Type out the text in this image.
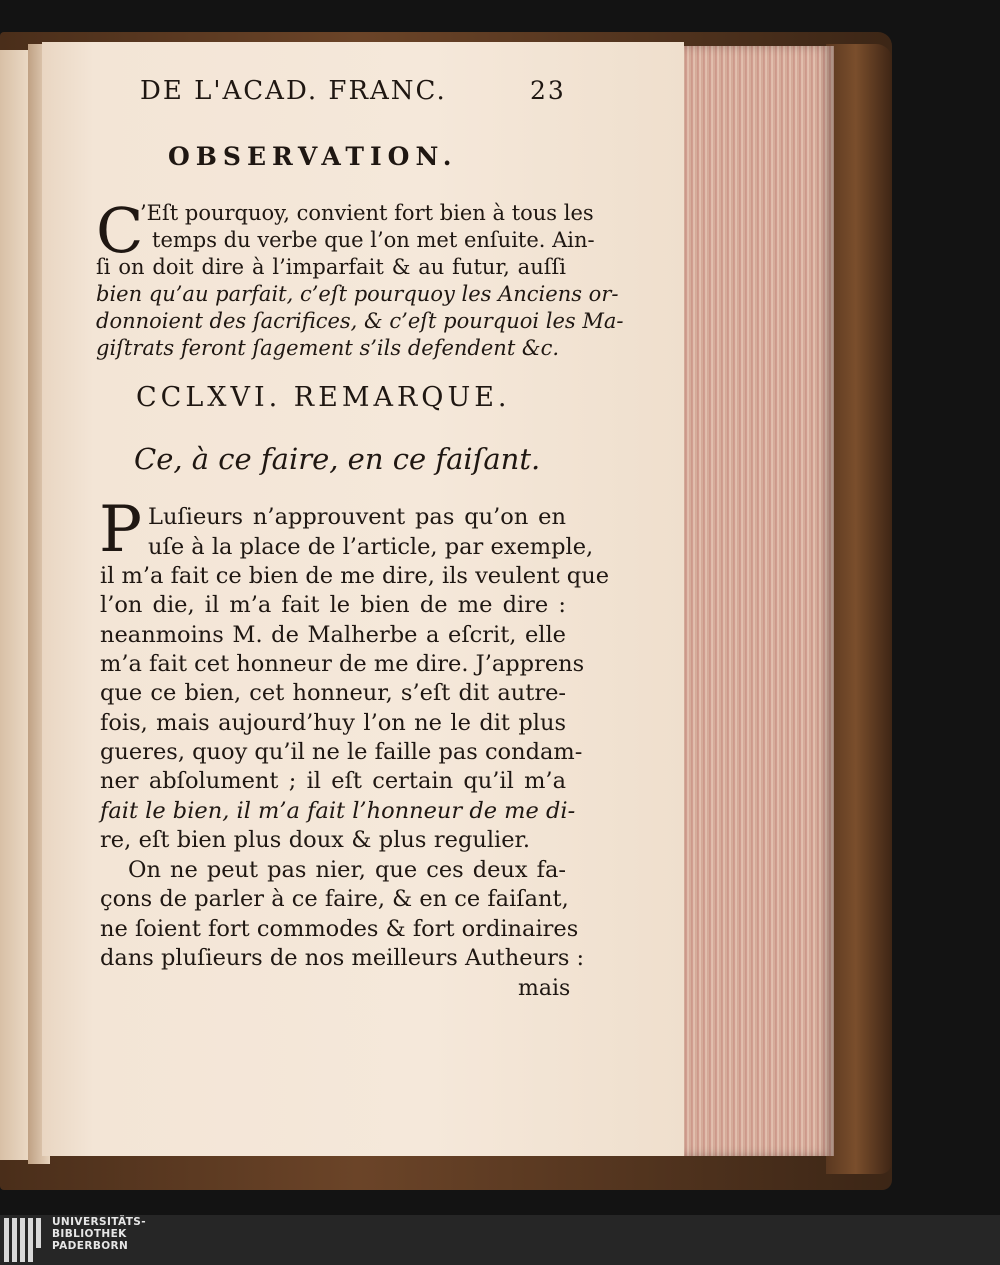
DE L'ACAD. FRANC.	23
OBSERVATION.
C
’Eſt pourquoy, convient fort bien à tous les
temps du verbe que l’on met enſuite. Ain-
ſi on doit dire à l’imparfait & au futur, auſſi
bien qu’au parfait, c’eſt pourquoy les Anciens or-
donnoient des ſacrifices, & c’eſt pourquoi les Ma-
giſtrats feront ſagement s’ils defendent &c.
CCLXVI. REMARQUE.
Ce, à ce faire, en ce faiſant.
P Luſieurs n’approuvent pas qu’on en
uſe à la place de l’article, par exemple,
il m’a fait ce bien de me dire, ils veulent que
l’on die, il m’a fait le bien de me dire :
neanmoins M. de Malherbe a eſcrit, elle
m’a fait cet honneur de me dire. J’apprens
que ce bien, cet honneur, s’eſt dit autre-
fois, mais aujourd’huy l’on ne le dit plus
gueres, quoy qu’il ne le faille pas condam-
ner abſolument ; il eſt certain qu’il m’a
fait le bien, il m’a fait l’honneur de me di-
re, eſt bien plus doux & plus regulier.
On ne peut pas nier, que ces deux fa-
çons de parler à ce faire, & en ce faiſant,
ne ſoient fort commodes & fort ordinaires
dans pluſieurs de nos meilleurs Autheurs :
mais
UNIVERSITÄTS-
BIBLIOTHEK
PADERBORN
